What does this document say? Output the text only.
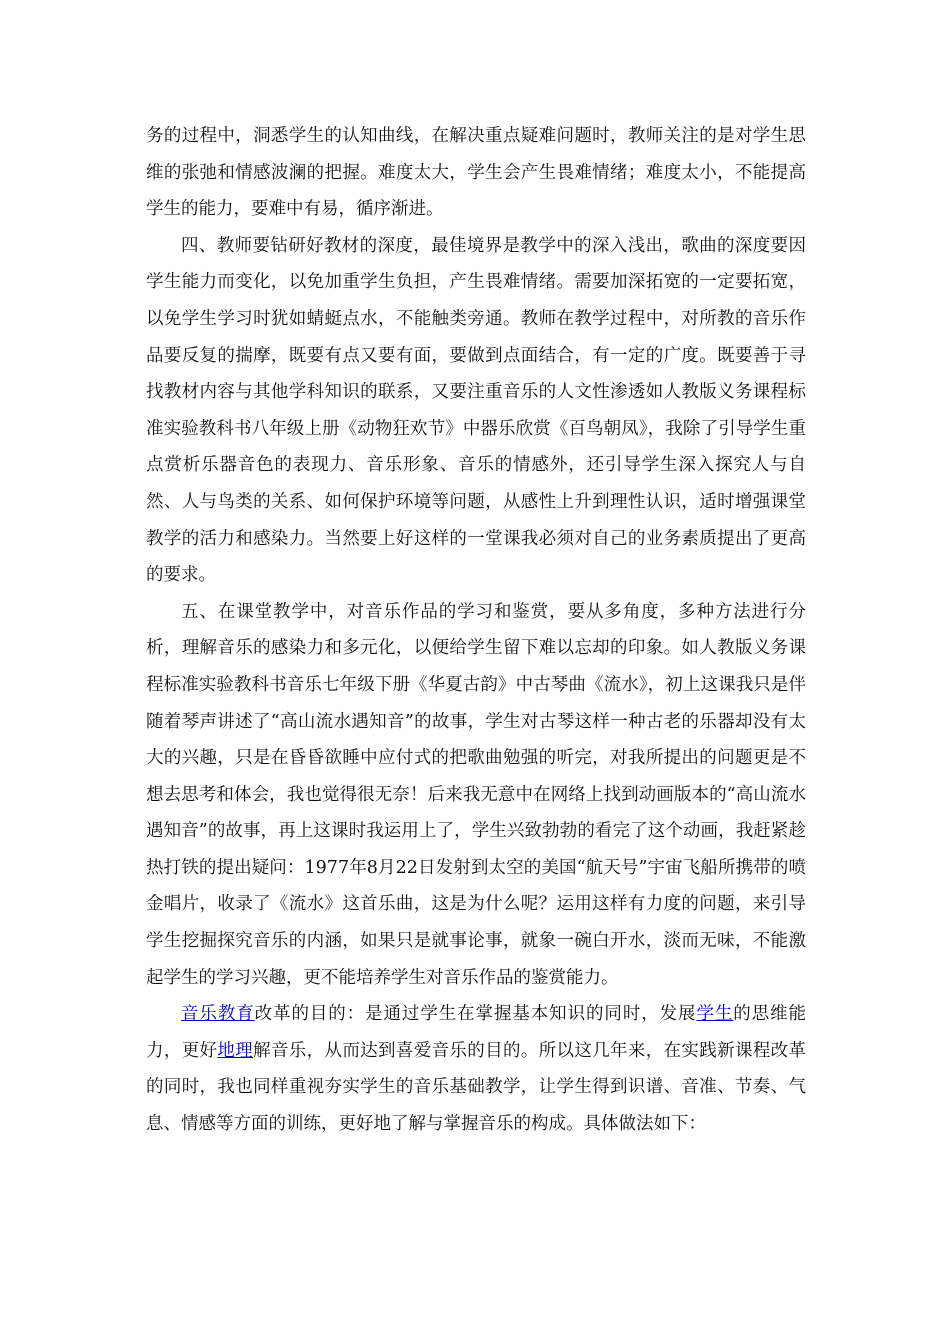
务的过程中，洞悉学生的认知曲线，在解决重点疑难问题时，教师关注的是对学生思维的张弛和情感波澜的把握。难度太大，学生会产生畏难情绪；难度太小，不能提高学生的能力，要难中有易，循序渐进。

四、教师要钻研好教材的深度，最佳境界是教学中的深入浅出，歌曲的深度要因学生能力而变化，以免加重学生负担，产生畏难情绪。需要加深拓宽的一定要拓宽，以免学生学习时犹如蜻蜓点水，不能触类旁通。教师在教学过程中，对所教的音乐作品要反复的揣摩，既要有点又要有面，要做到点面结合，有一定的广度。既要善于寻找教材内容与其他学科知识的联系，又要注重音乐的人文性渗透如人教版义务课程标准实验教科书八年级上册《动物狂欢节》中器乐欣赏《百鸟朝凤》，我除了引导学生重点赏析乐器音色的表现力、音乐形象、音乐的情感外，还引导学生深入探究人与自然、人与鸟类的关系、如何保护环境等问题，从感性上升到理性认识，适时增强课堂教学的活力和感染力。当然要上好这样的一堂课我必须对自己的业务素质提出了更高的要求。

五、在课堂教学中，对音乐作品的学习和鉴赏，要从多角度，多种方法进行分析，理解音乐的感染力和多元化，以便给学生留下难以忘却的印象。如人教版义务课程标准实验教科书音乐七年级下册《华夏古韵》中古琴曲《流水》，初上这课我只是伴随着琴声讲述了“高山流水遇知音”的故事，学生对古琴这样一种古老的乐器却没有太大的兴趣，只是在昏昏欲睡中应付式的把歌曲勉强的听完，对我所提出的问题更是不想去思考和体会，我也觉得很无奈！后来我无意中在网络上找到动画版本的“高山流水遇知音”的故事，再上这课时我运用上了，学生兴致勃勃的看完了这个动画，我赶紧趁热打铁的提出疑问：1977年8月22日发射到太空的美国“航天号”宇宙飞船所携带的喷金唱片，收录了《流水》这首乐曲，这是为什么呢？运用这样有力度的问题，来引导学生挖掘探究音乐的内涵，如果只是就事论事，就象一碗白开水，淡而无味，不能激起学生的学习兴趣，更不能培养学生对音乐作品的鉴赏能力。

音乐教育改革的目的：是通过学生在掌握基本知识的同时，发展学生的思维能力，更好地理解音乐，从而达到喜爱音乐的目的。所以这几年来，在实践新课程改革的同时，我也同样重视夯实学生的音乐基础教学，让学生得到识谱、音准、节奏、气息、情感等方面的训练，更好地了解与掌握音乐的构成。具体做法如下：
